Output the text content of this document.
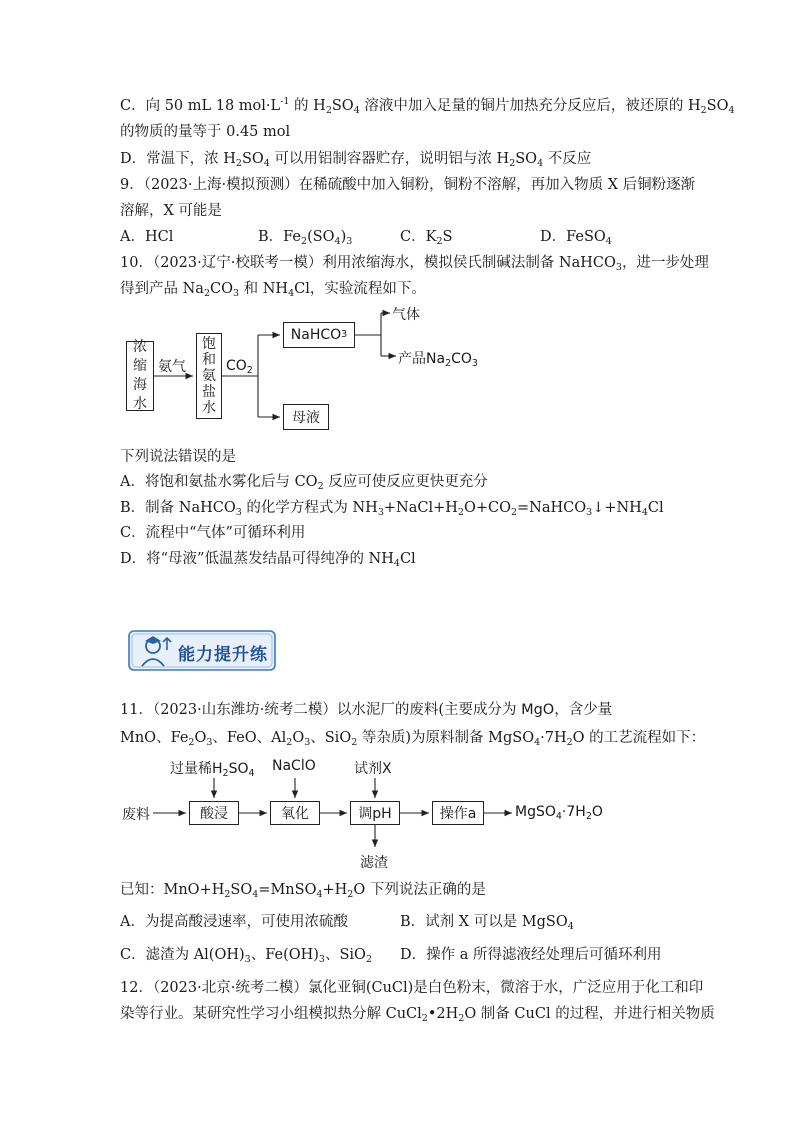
C．向 50 mL 18 $mol\cdot L^{-1}$ 的 $H_2SO_4$ 溶液中加入足量的铜片加热充分反应后，被还原的 $H_2SO_4$
的物质的量等于 0.45 mol
D．常温下，浓 $H_2SO_4$ 可以用铝制容器贮存，说明铝与浓 $H_2SO_4$ 不反应
9．（2023·上海·模拟预测）在稀硫酸中加入铜粉，铜粉不溶解，再加入物质 X 后铜粉逐渐
溶解，X 可能是
A．HCl	B．$Fe_2(SO_4)_3$	C．$K_2S$	D．FeSO$_4$
10．（2023·辽宁·校联考一模）利用浓缩海水，模拟侯氏制碱法制备 NaHCO$_3$，进一步处理
得到产品 $Na_2CO_3$ 和 $NH_4Cl$，实验流程如下。
浓
缩
海
水
氨气
饱
和
氨
盐
水
$CO_2$
NaHCO 3
气体
产品$Na_2CO_3$
母液
下列说法错误的是
A．将饱和氨盐水雾化后与 $CO_2$ 反应可使反应更快更充分
B．制备 NaHCO$_3$ 的化学方程式为 $NH_3+NaCl+H_2O+CO_2=NaHCO_3↓+NH_4Cl$
C．流程中“气体”可循环利用
D．将“母液”低温蒸发结晶可得纯净的 $NH_4Cl$
能力提升练
11．（2023·山东潍坊·统考二模）以水泥厂的废料(主要成分为 MgO，含少量
MnO、$Fe_2O_3$、FeO、$Al_2O_3$、SiO$_2$ 等杂质)为原料制备 $MgSO_4\cdot 7H_2O$ 的工艺流程如下：
过量稀$H_2SO_4$ NaClO	试剂X
废料	酸浸	氧化	调pH	操作a	$MgSO_4\cdot 7H_2O$
滤渣
已知：$MnO+H_2SO_4=MnSO_4+H_2O$ 下列说法正确的是
A．为提高酸浸速率，可使用浓硫酸	B．试剂 X 可以是 MgSO$_4$
C．滤渣为 $Al(OH)_3$、$Fe(OH)_3$、SiO$_2$ D．操作 a 所得滤液经处理后可循环利用
12．（2023·北京·统考二模）氯化亚铜(CuCl)是白色粉末，微溶于水，广泛应用于化工和印
染等行业。某研究性学习小组模拟热分解 $CuCl_2•2H_2O$ 制备 CuCl 的过程，并进行相关物质
